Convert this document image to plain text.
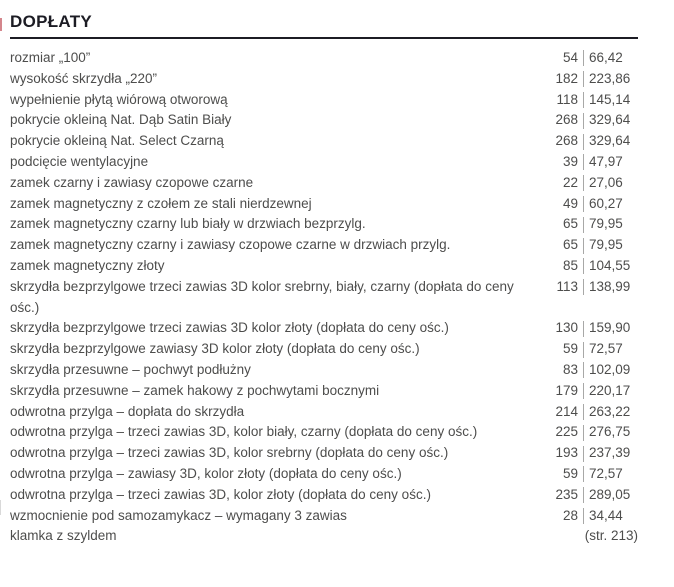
DOPŁATY
rozmiar „100”	54 66,42
wysokość skrzydła „220”	182 223,86
wypełnienie płytą wiórową otworową	118 145,14
pokrycie okleiną Nat. Dąb Satin Biały	268 329,64
pokrycie okleiną Nat. Select Czarną	268 329,64
podcięcie wentylacyjne	39 47,97
zamek czarny i zawiasy czopowe czarne	22 27,06
zamek magnetyczny z czołem ze stali nierdzewnej	49 60,27
zamek magnetyczny czarny lub biały w drzwiach bezprzylg.	65 79,95
zamek magnetyczny czarny i zawiasy czopowe czarne w drzwiach przylg.	65 79,95
zamek magnetyczny złoty	85 104,55
skrzydła bezprzylgowe trzeci zawias 3D kolor srebrny, biały, czarny (dopłata do ceny ośc.)
113 138,99
skrzydła bezprzylgowe trzeci zawias 3D kolor złoty (dopłata do ceny ośc.)	130 159,90
skrzydła bezprzylgowe zawiasy 3D kolor złoty (dopłata do ceny ośc.)	59 72,57
skrzydła przesuwne – pochwyt podłużny	83 102,09
skrzydła przesuwne – zamek hakowy z pochwytami bocznymi	179 220,17
odwrotna przylga – dopłata do skrzydła	214 263,22
odwrotna przylga – trzeci zawias 3D, kolor biały, czarny (dopłata do ceny ośc.)	225 276,75
odwrotna przylga – trzeci zawias 3D, kolor srebrny (dopłata do ceny ośc.)	193 237,39
odwrotna przylga – zawiasy 3D, kolor złoty (dopłata do ceny ośc.)	59 72,57
odwrotna przylga – trzeci zawias 3D, kolor złoty (dopłata do ceny ośc.)	235 289,05
wzmocnienie pod samozamykacz – wymagany 3 zawias	28 34,44
klamka z szyldem	(str. 213)
